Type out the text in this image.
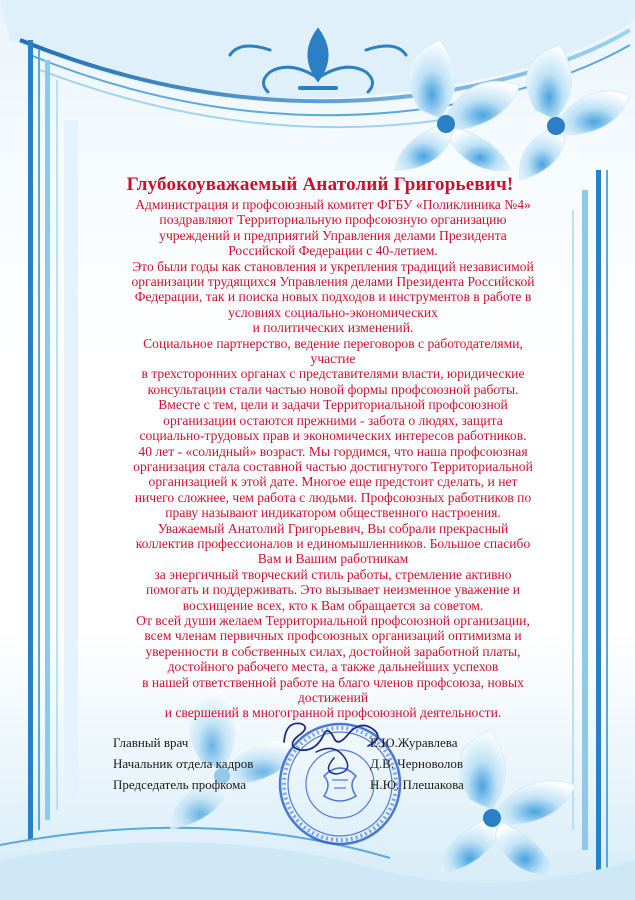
Глубокоуважаемый Анатолий Григорьевич!
Администрация и профсоюзный комитет ФГБУ «Поликлиника №4»
поздравляют Территориальную профсоюзную организацию
учреждений и предприятий Управления делами Президента
Российской Федерации с 40-летием.
Это были годы как становления и укрепления традиций независимой
организации трудящихся Управления делами Президента Российской
Федерации, так и поиска новых подходов и инструментов в работе в
условиях социально-экономических
и политических изменений.
Социальное партнерство, ведение переговоров с работодателями,
участие
в трехсторонних органах с представителями власти, юридические
консультации стали частью новой формы профсоюзной работы.
Вместе с тем, цели и задачи Территориальной профсоюзной
организации остаются прежними - забота о людях, защита
социально-трудовых прав и экономических интересов работников.
40 лет - «солидный» возраст. Мы гордимся, что наша профсоюзная
организация стала составной частью достигнутого Территориальной
организацией к этой дате. Многое еще предстоит сделать, и нет
ничего сложнее, чем работа с людьми. Профсоюзных работников по
праву называют индикатором общественного настроения.
Уважаемый Анатолий Григорьевич, Вы собрали прекрасный
коллектив профессионалов и единомышленников. Большое спасибо
Вам и Вашим работникам
за энергичный творческий стиль работы, стремление активно
помогать и поддерживать. Это вызывает неизменное уважение и
восхищение всех, кто к Вам обращается за советом.
От всей души желаем Территориальной профсоюзной организации,
всем членам первичных профсоюзных организаций оптимизма и
уверенности в собственных силах, достойной заработной платы,
достойного рабочего места, а также дальнейших успехов
в нашей ответственной работе на благо членов профсоюза, новых
достижений
и свершений в многогранной профсоюзной деятельности.
Главный врач
Начальник отдела кадров
Председатель профкома
Е.Ю.Журавлева
Д.В. Черноволов
Н.Ю. Плешакова
